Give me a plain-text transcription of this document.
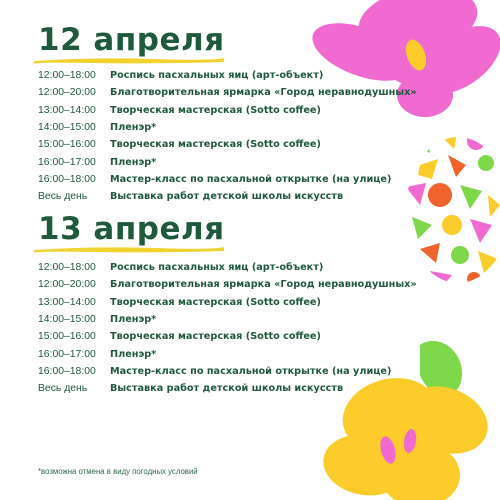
12 апреля
12:00–18:00	Роспись пасхальных яиц (арт-объект)
12:00–20:00	Благотворительная ярмарка «Город неравнодушных»
13:00–14:00	Творческая мастерская (Sotto coffee)
14:00–15:00	Пленэр*
15:00–16:00	Творческая мастерская (Sotto coffee)
16:00–17:00	Пленэр*
16:00–18:00	Мастер-класс по пасхальной открытке (на улице)
Весь день	Выставка работ детской школы искусств
13 апреля
12:00–18:00	Роспись пасхальных яиц (арт-объект)
12:00–20:00	Благотворительная ярмарка «Город неравнодушных»
13:00–14:00	Творческая мастерская (Sotto coffee)
14:00–15:00	Пленэр*
15:00–16:00	Творческая мастерская (Sotto coffee)
16:00–17:00	Пленэр*
16:00–18:00	Мастер-класс по пасхальной открытке (на улице)
Весь день	Выставка работ детской школы искусств
*возможна отмена в виду погодных условий
